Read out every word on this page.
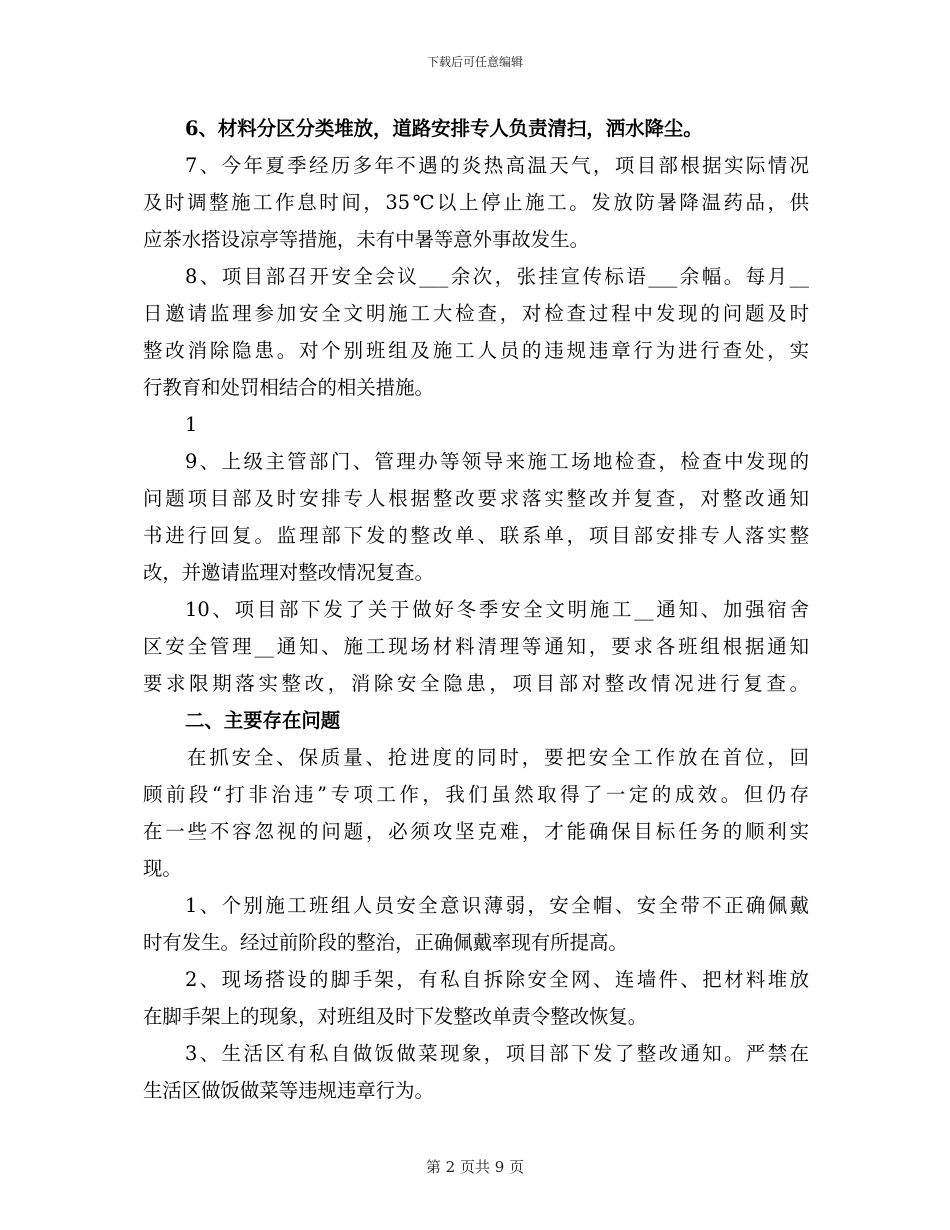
下载后可任意编辑
6、材料分区分类堆放，道路安排专人负责清扫，洒水降尘。
7、今年夏季经历多年不遇的炎热高温天气，项目部根据实际情况
及时调整施工作息时间，35℃以上停止施工。发放防暑降温药品，供
应茶水搭设凉亭等措施，未有中暑等意外事故发生。
8、项目部召开安全会议___余次，张挂宣传标语___余幅。每月__
日邀请监理参加安全文明施工大检查，对检查过程中发现的问题及时
整改消除隐患。对个别班组及施工人员的违规违章行为进行查处，实
行教育和处罚相结合的相关措施。
1
9、上级主管部门、管理办等领导来施工场地检查，检查中发现的
问题项目部及时安排专人根据整改要求落实整改并复查，对整改通知
书进行回复。监理部下发的整改单、联系单，项目部安排专人落实整
改，并邀请监理对整改情况复查。
10、项目部下发了关于做好冬季安全文明施工__通知、加强宿舍
区安全管理__通知、施工现场材料清理等通知，要求各班组根据通知
要求限期落实整改，消除安全隐患，项目部对整改情况进行复查。
二、主要存在问题
在抓安全、保质量、抢进度的同时，要把安全工作放在首位，回
顾前段“打非治违”专项工作，我们虽然取得了一定的成效。但仍存
在一些不容忽视的问题，必须攻坚克难，才能确保目标任务的顺利实
现。
1、个别施工班组人员安全意识薄弱，安全帽、安全带不正确佩戴
时有发生。经过前阶段的整治，正确佩戴率现有所提高。
2、现场搭设的脚手架，有私自拆除安全网、连墙件、把材料堆放
在脚手架上的现象，对班组及时下发整改单责令整改恢复。
3、生活区有私自做饭做菜现象，项目部下发了整改通知。严禁在
生活区做饭做菜等违规违章行为。
第 2 页共 9 页
